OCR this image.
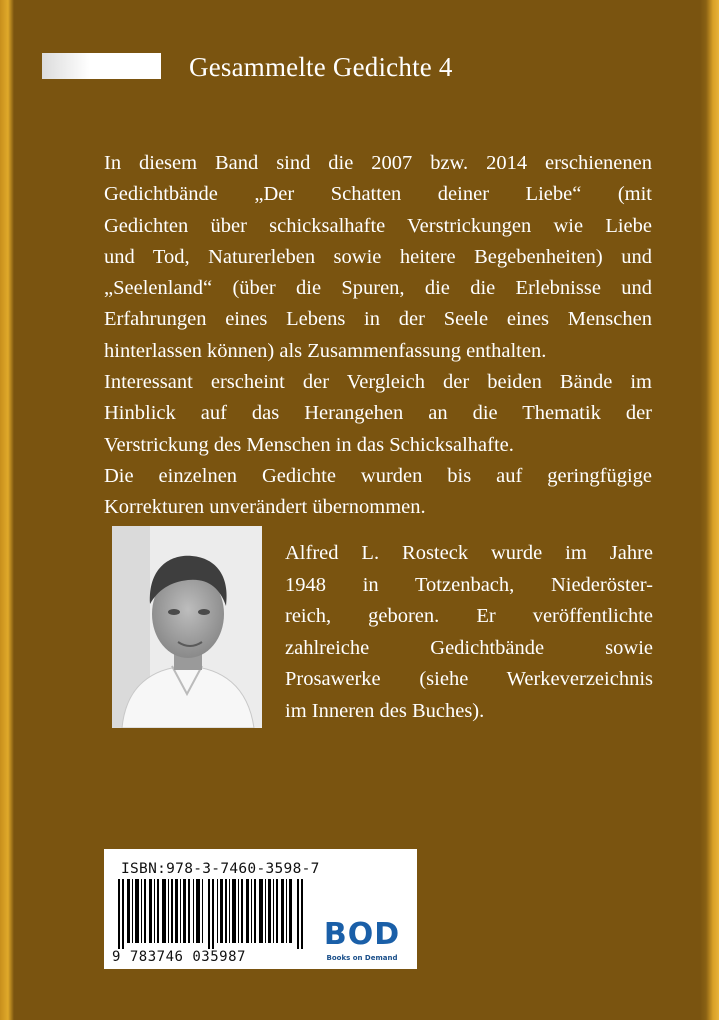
Gesammelte Gedichte 4

In diesem Band sind die 2007 bzw. 2014 erschienenen

Gedichtbände „Der Schatten deiner Liebe“ (mit

Gedichten über schicksalhafte Verstrickungen wie Liebe

und Tod, Naturerleben sowie heitere Begebenheiten) und

„Seelenland“ (über die Spuren, die die Erlebnisse und

Erfahrungen eines Lebens in der Seele eines Menschen

hinterlassen können) als Zusammenfassung enthalten.

Interessant erscheint der Vergleich der beiden Bände im

Hinblick auf das Herangehen an die Thematik der

Verstrickung des Menschen in das Schicksalhafte.

Die einzelnen Gedichte wurden bis auf geringfügige

Korrekturen unverändert übernommen.

Alfred L. Rosteck wurde im Jahre
1948 in Totzenbach, Niederöster-
reich, geboren. Er veröffentlichte
zahlreiche Gedichtbände sowie
Prosawerke (siehe Werkeverzeichnis
im Inneren des Buches).
ISBN:978-3-7460-3598-7
9 783746 035987
BOD
Books on Demand
